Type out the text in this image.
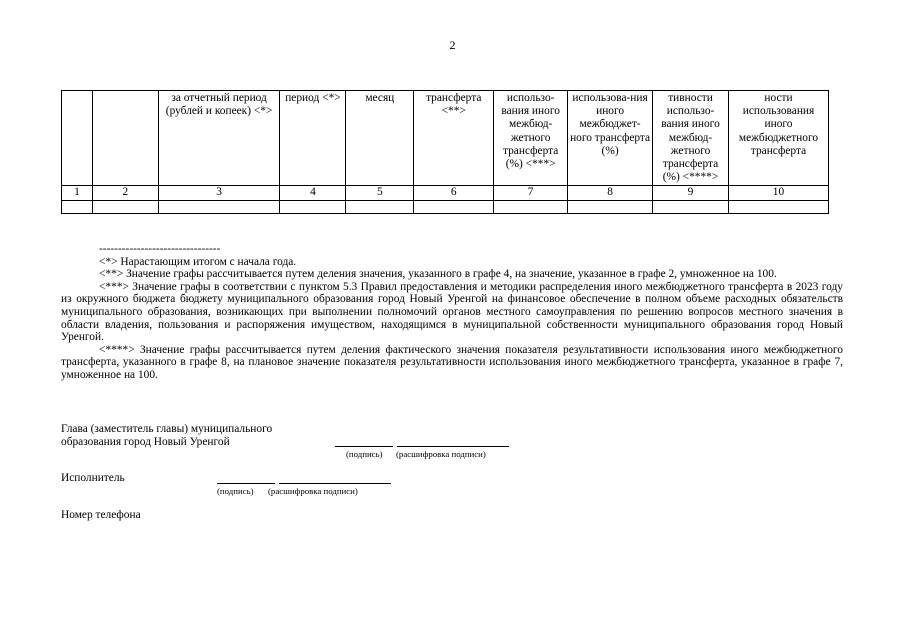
2
		за отчетный период (рублей и копеек) <*>	период <*>	месяц	трансферта <**>	использо-вания иного межбюд-жетного трансферта (%) <***>	использова-ния иного межбюджет-ного трансферта (%)	тивности использо-вания иного межбюд-жетного трансферта (%) <****>	ности использования иного межбюджетного трансферта
1	2	3	4	5	6	7	8	9	10

--------------------------------

<*> Нарастающим итогом с начала года.

<**> Значение графы рассчитывается путем деления значения, указанного в графе 4, на значение, указанное в графе 2, умноженное на 100.

<***> Значение графы в соответствии с пунктом 5.3 Правил предоставления и методики распределения иного межбюджетного трансферта в 2023 году из окружного бюджета бюджету муниципального образования город Новый Уренгой на финансовое обеспечение в полном объеме расходных обязательств муниципального образования, возникающих при выполнении полномочий органов местного самоуправления по решению вопросов местного значения в области владения, пользования и распоряжения имуществом, находящимся в муниципальной собственности муниципального образования город Новый Уренгой.

<****> Значение графы рассчитывается путем деления фактического значения показателя результативности использования иного межбюджетного трансферта, указанного в графе 8, на плановое значение показателя результативности использования иного межбюджетного трансферта, указанное в графе 7, умноженное на 100.

Глава (заместитель главы) муниципального
образования город Новый Уренгой
(подпись) (расшифровка подписи)
Исполнитель
(подпись) (расшифровка подписи)
Номер телефона
